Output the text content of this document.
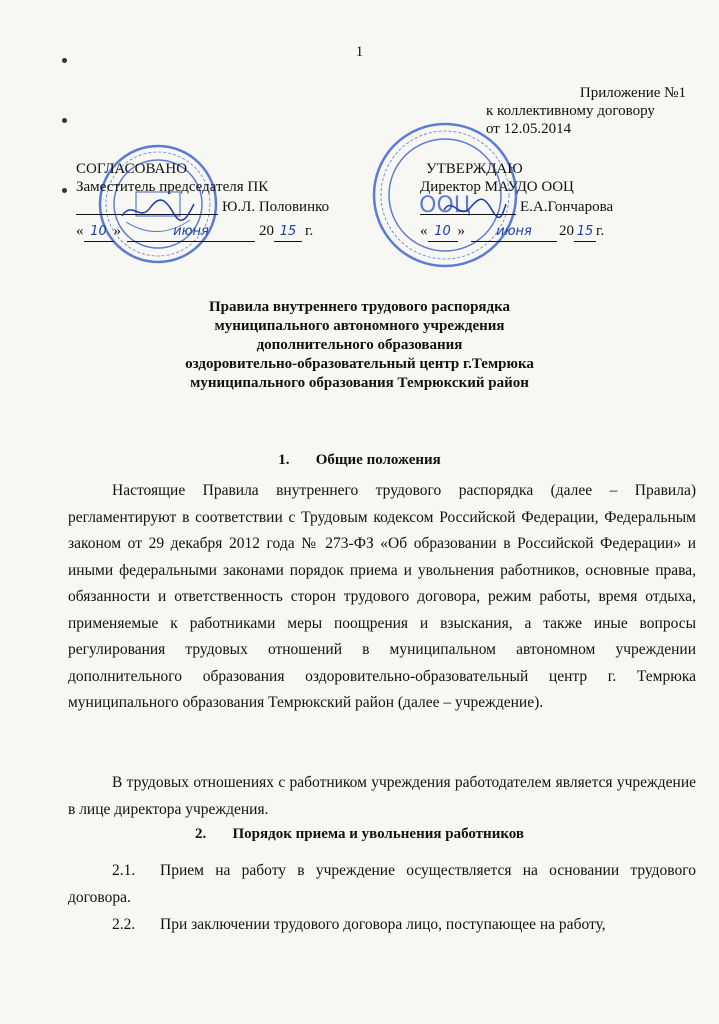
1
Приложение №1
к коллективному договору
от 12.05.2014
ООЦ
СОГЛАСОВАНО
Заместитель председателя ПК
Ю.Л. Половинко
« 10 »	июня	20 15 г.
УТВЕРЖДАЮ
Директор МАУДО ООЦ
Е.А.Гончарова
« 10 » июня 20 15 г.
Правила внутреннего трудового распорядка
муниципального автономного учреждения
дополнительного образования
оздоровительно-образовательный центр г.Темрюка
муниципального образования Темрюкский район
1.       Общие положения
Настоящие Правила внутреннего трудового распорядка (далее – Правила) регламентируют в соответствии с Трудовым кодексом Российской Федерации, Федеральным законом от 29 декабря 2012 года № 273-ФЗ «Об образовании в Российской Федерации» и иными федеральными законами порядок приема и увольнения работников, основные права, обязанности и ответственность сторон трудового договора, режим работы, время отдыха, применяемые к работниками меры поощрения и взыскания, а также иные вопросы регулирования трудовых отношений в муниципальном автономном учреждении дополнительного образования оздоровительно-образовательный центр г. Темрюка муниципального образования Темрюкский район (далее – учреждение).
В трудовых отношениях с работником учреждения работодателем является учреждение в лице директора учреждения.
2.       Порядок приема и увольнения работников
2.1. Прием на работу в учреждение осуществляется на основании трудового договора.
2.2. При заключении трудового договора лицо, поступающее на работу,
